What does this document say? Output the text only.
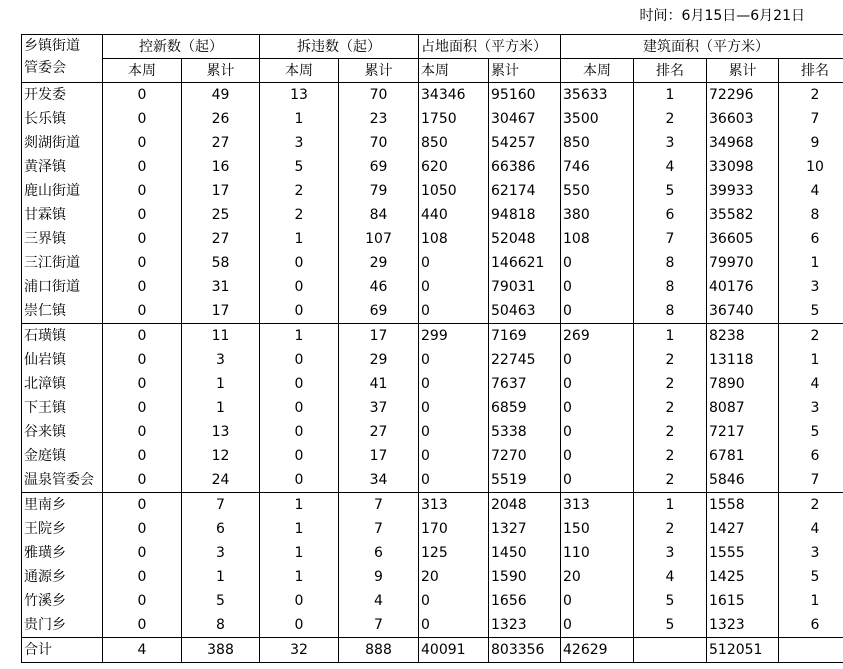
时间：6月15日—6月21日
乡镇街道
管委会	控新数（起）		拆违数（起）		占地面积（平方米）		建筑面积（平方米）			
	本周	累计	本周	累计	本周	累计	本周	排名	累计	排名
开发委	0	49	13	70	34346	95160	35633	1	72296	2
长乐镇	0	26	1	23	1750	30467	3500	2	36603	7
剡湖街道	0	27	3	70	850	54257	850	3	34968	9
黄泽镇	0	16	5	69	620	66386	746	4	33098	10
鹿山街道	0	17	2	79	1050	62174	550	5	39933	4
甘霖镇	0	25	2	84	440	94818	380	6	35582	8
三界镇	0	27	1	107	108	52048	108	7	36605	6
三江街道	0	58	0	29	0	146621	0	8	79970	1
浦口街道	0	31	0	46	0	79031	0	8	40176	3
崇仁镇	0	17	0	69	0	50463	0	8	36740	5
石璜镇	0	11	1	17	299	7169	269	1	8238	2
仙岩镇	0	3	0	29	0	22745	0	2	13118	1
北漳镇	0	1	0	41	0	7637	0	2	7890	4
下王镇	0	1	0	37	0	6859	0	2	8087	3
谷来镇	0	13	0	27	0	5338	0	2	7217	5
金庭镇	0	12	0	17	0	7270	0	2	6781	6
温泉管委会	0	24	0	34	0	5519	0	2	5846	7
里南乡	0	7	1	7	313	2048	313	1	1558	2
王院乡	0	6	1	7	170	1327	150	2	1427	4
雅璜乡	0	3	1	6	125	1450	110	3	1555	3
通源乡	0	1	1	9	20	1590	20	4	1425	5
竹溪乡	0	5	0	4	0	1656	0	5	1615	1
贵门乡	0	8	0	7	0	1323	0	5	1323	6
合计	4	388	32	888	40091	803356	42629		512051	
